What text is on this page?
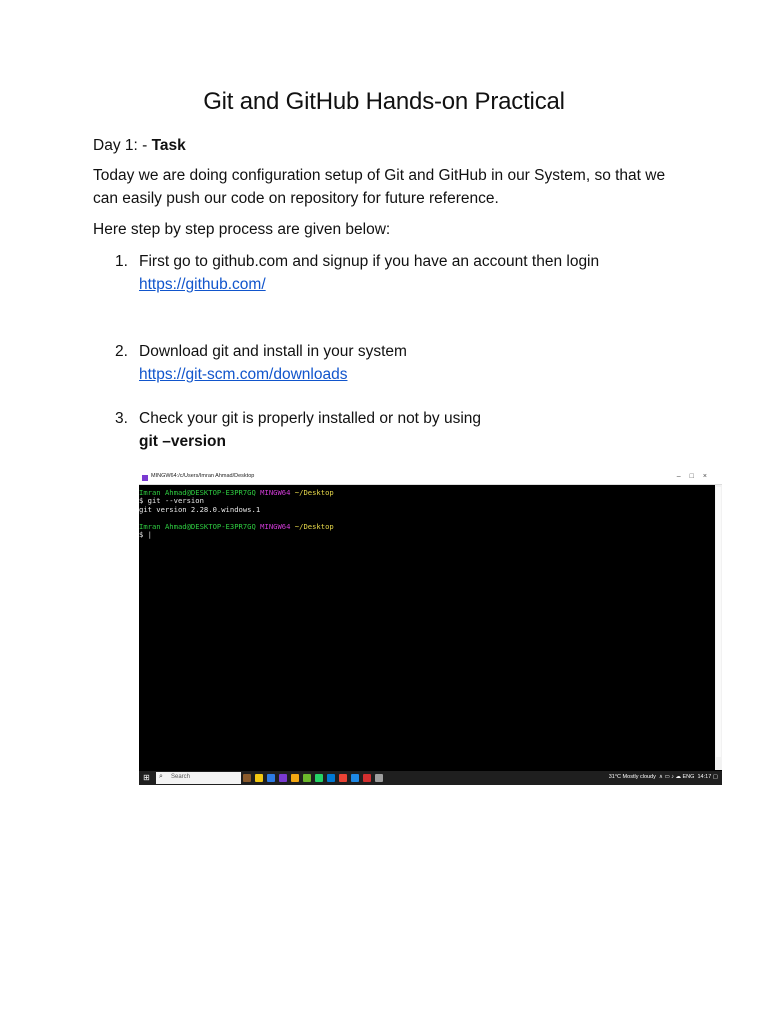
Git and GitHub Hands-on Practical
Day 1: - Task
Today we are doing configuration setup of Git and GitHub in our System, so that we can easily push our code on repository for future reference.
Here step by step process are given below:
1. First go to github.com and signup if you have an account then login
https://github.com/
2. Download git and install in your system
https://git-scm.com/downloads
3. Check your git is properly installed or not by using
git –version
MINGW64:/c/Users/Imran Ahmad/Desktop	–□×
Imran Ahmad@DESKTOP-E3PR7GQ MINGW64 ~/Desktop
$ git --version
git version 2.28.0.windows.1

Imran Ahmad@DESKTOP-E3PR7GQ MINGW64 ~/Desktop
$ |
⊞ ⌕ Search	31°C Mostly cloudy  ∧ ▭ ♪ ☁ ENG 14:17 ▢
